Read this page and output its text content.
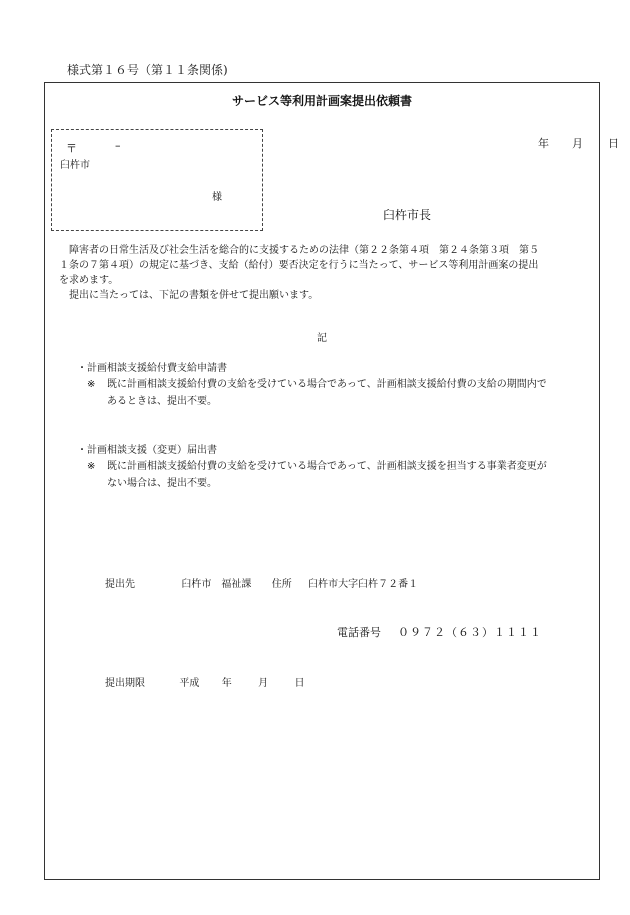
様式第１６号（第１１条関係)
サービス等利用計画案提出依頼書
年	月	日
〒	–
臼杵市
様
臼杵市長

障害者の日常生活及び社会生活を総合的に支援するための法律（第２２条第４項　第２４条第３項　第５

１条の７第４項）の規定に基づき、支給（給付）要否決定を行うに当たって、サービス等利用計画案の提出

を求めます。

提出に当たっては、下記の書類を併せて提出願います。

記
・計画相談支援給付費支給申請書
※ 既に計画相談支援給付費の支給を受けている場合であって、計画相談支援給付費の支給の期間内で
あるときは、提出不要。
・計画相談支援（変更）届出書
※ 既に計画相談支援給付費の支給を受けている場合であって、計画相談支援を担当する事業者変更が
ない場合は、提出不要。
提出先	臼杵市　福祉課 住所 臼杵市大字臼杵７２番１
電話番号 ０９７２（６３）１１１１
提出期限	平成 年	月	日
